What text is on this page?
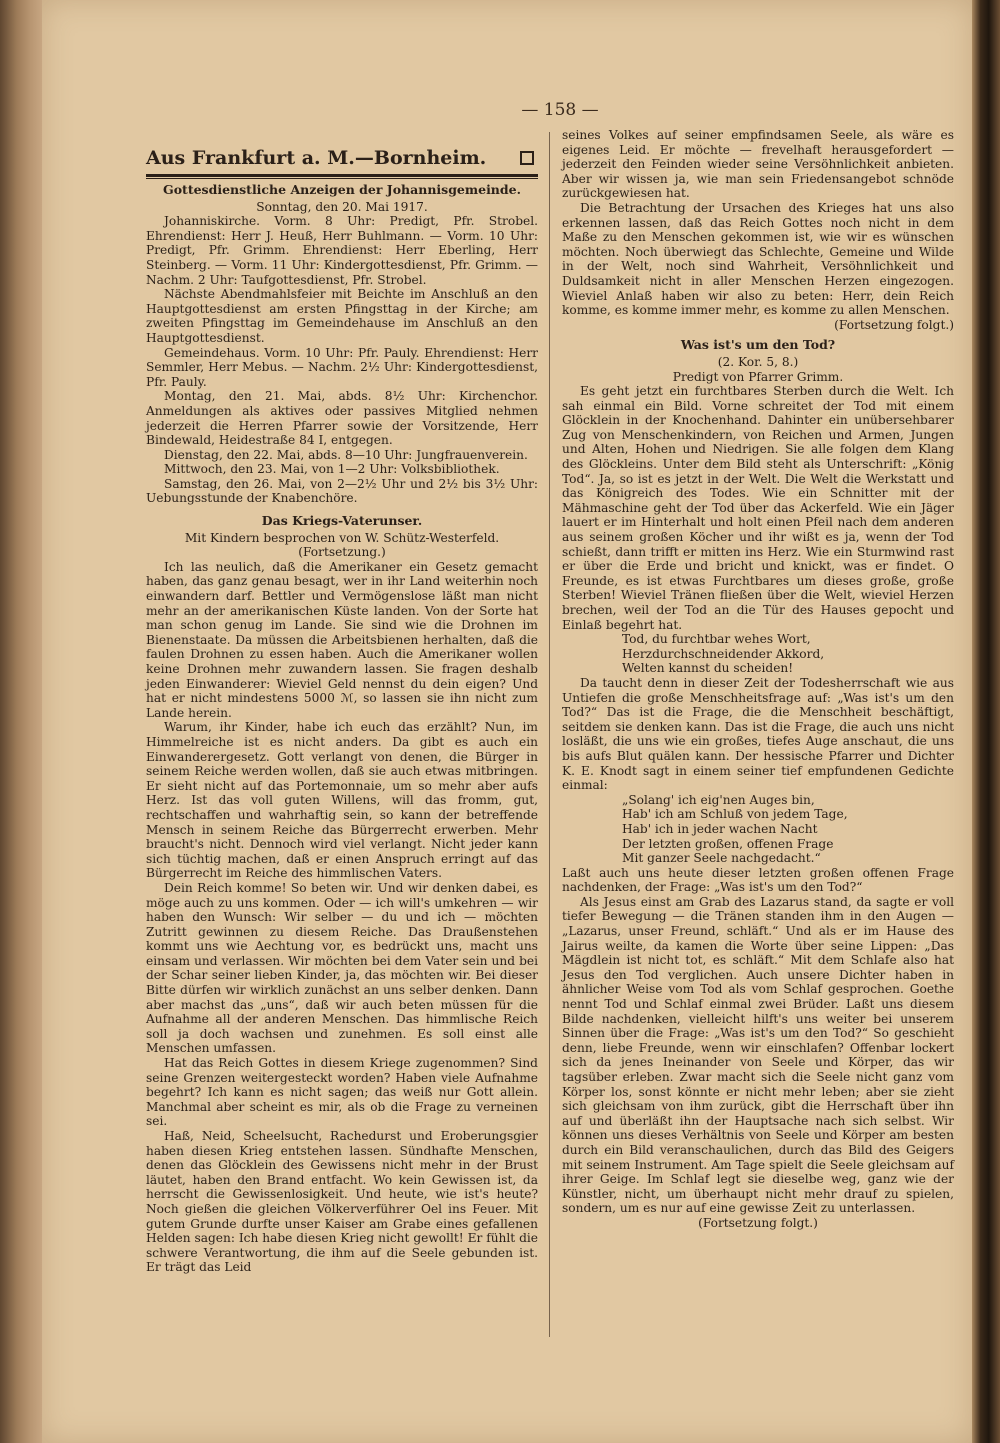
— 158 —
Aus Frankfurt a. M.—Bornheim.
Gottesdienstliche Anzeigen der Johannisgemeinde.
Sonntag, den 20. Mai 1917.

Johanniskirche. Vorm. 8 Uhr: Predigt, Pfr. Strobel. Ehrendienst: Herr J. Heuß, Herr Buhlmann. — Vorm. 10 Uhr: Predigt, Pfr. Grimm. Ehrendienst: Herr Eberling, Herr Steinberg. — Vorm. 11 Uhr: Kindergottesdienst, Pfr. Grimm. — Nachm. 2 Uhr: Taufgottesdienst, Pfr. Strobel.

Nächste Abendmahlsfeier mit Beichte im Anschluß an den Hauptgottesdienst am ersten Pfingsttag in der Kirche; am zweiten Pfingsttag im Gemeindehause im Anschluß an den Hauptgottesdienst.

Gemeindehaus. Vorm. 10 Uhr: Pfr. Pauly. Ehrendienst: Herr Semmler, Herr Mebus. — Nachm. 2½ Uhr: Kindergottesdienst, Pfr. Pauly.

Montag, den 21. Mai, abds. 8½ Uhr: Kirchenchor. Anmeldungen als aktives oder passives Mitglied nehmen jederzeit die Herren Pfarrer sowie der Vorsitzende, Herr Bindewald, Heidestraße 84 I, entgegen.

Dienstag, den 22. Mai, abds. 8—10 Uhr: Jungfrauenverein.

Mittwoch, den 23. Mai, von 1—2 Uhr: Volksbibliothek.

Samstag, den 26. Mai, von 2—2½ Uhr und 2½ bis 3½ Uhr: Uebungsstunde der Knabenchöre.

Das Kriegs-Vaterunser.
Mit Kindern besprochen von W. Schütz-Westerfeld.
(Fortsetzung.)

Ich las neulich, daß die Amerikaner ein Gesetz gemacht haben, das ganz genau besagt, wer in ihr Land weiterhin noch einwandern darf. Bettler und Vermögenslose läßt man nicht mehr an der amerikanischen Küste landen. Von der Sorte hat man schon genug im Lande. Sie sind wie die Drohnen im Bienenstaate. Da müssen die Arbeitsbienen herhalten, daß die faulen Drohnen zu essen haben. Auch die Amerikaner wollen keine Drohnen mehr zuwandern lassen. Sie fragen deshalb jeden Einwanderer: Wieviel Geld nennst du dein eigen? Und hat er nicht mindestens 5000 ℳ, so lassen sie ihn nicht zum Lande herein.

Warum, ihr Kinder, habe ich euch das erzählt? Nun, im Himmelreiche ist es nicht anders. Da gibt es auch ein Einwanderergesetz. Gott verlangt von denen, die Bürger in seinem Reiche werden wollen, daß sie auch etwas mitbringen. Er sieht nicht auf das Portemonnaie, um so mehr aber aufs Herz. Ist das voll guten Willens, will das fromm, gut, rechtschaffen und wahrhaftig sein, so kann der betreffende Mensch in seinem Reiche das Bürgerrecht erwerben. Mehr braucht's nicht. Dennoch wird viel verlangt. Nicht jeder kann sich tüchtig machen, daß er einen Anspruch erringt auf das Bürgerrecht im Reiche des himmlischen Vaters.

Dein Reich komme! So beten wir. Und wir denken dabei, es möge auch zu uns kommen. Oder — ich will's umkehren — wir haben den Wunsch: Wir selber — du und ich — möchten Zutritt gewinnen zu diesem Reiche. Das Draußenstehen kommt uns wie Aechtung vor, es bedrückt uns, macht uns einsam und verlassen. Wir möchten bei dem Vater sein und bei der Schar seiner lieben Kinder, ja, das möchten wir. Bei dieser Bitte dürfen wir wirklich zunächst an uns selber denken. Dann aber machst das „uns“, daß wir auch beten müssen für die Aufnahme all der anderen Menschen. Das himmlische Reich soll ja doch wachsen und zunehmen. Es soll einst alle Menschen umfassen.

Hat das Reich Gottes in diesem Kriege zugenommen? Sind seine Grenzen weitergesteckt worden? Haben viele Aufnahme begehrt? Ich kann es nicht sagen; das weiß nur Gott allein. Manchmal aber scheint es mir, als ob die Frage zu verneinen sei.

Haß, Neid, Scheelsucht, Rachedurst und Eroberungsgier haben diesen Krieg entstehen lassen. Sündhafte Menschen, denen das Glöcklein des Gewissens nicht mehr in der Brust läutet, haben den Brand entfacht. Wo kein Gewissen ist, da herrscht die Gewissenlosigkeit. Und heute, wie ist's heute? Noch gießen die gleichen Völkerverführer Oel ins Feuer. Mit gutem Grunde durfte unser Kaiser am Grabe eines gefallenen Helden sagen: Ich habe diesen Krieg nicht gewollt! Er fühlt die schwere Verantwortung, die ihm auf die Seele gebunden ist. Er trägt das Leid

seines Volkes auf seiner empfindsamen Seele, als wäre es eigenes Leid. Er möchte — frevelhaft herausgefordert — jederzeit den Feinden wieder seine Versöhnlichkeit anbieten. Aber wir wissen ja, wie man sein Friedensangebot schnöde zurückgewiesen hat.

Die Betrachtung der Ursachen des Krieges hat uns also erkennen lassen, daß das Reich Gottes noch nicht in dem Maße zu den Menschen gekommen ist, wie wir es wünschen möchten. Noch überwiegt das Schlechte, Gemeine und Wilde in der Welt, noch sind Wahrheit, Versöhnlichkeit und Duldsamkeit nicht in aller Menschen Herzen eingezogen. Wieviel Anlaß haben wir also zu beten: Herr, dein Reich komme, es komme immer mehr, es komme zu allen Menschen.

(Fortsetzung folgt.)
Was ist's um den Tod?
(2. Kor. 5, 8.)
Predigt von Pfarrer Grimm.

Es geht jetzt ein furchtbares Sterben durch die Welt. Ich sah einmal ein Bild. Vorne schreitet der Tod mit einem Glöcklein in der Knochenhand. Dahinter ein unübersehbarer Zug von Menschenkindern, von Reichen und Armen, Jungen und Alten, Hohen und Niedrigen. Sie alle folgen dem Klang des Glöckleins. Unter dem Bild steht als Unterschrift: „König Tod“. Ja, so ist es jetzt in der Welt. Die Welt die Werkstatt und das Königreich des Todes. Wie ein Schnitter mit der Mähmaschine geht der Tod über das Ackerfeld. Wie ein Jäger lauert er im Hinterhalt und holt einen Pfeil nach dem anderen aus seinem großen Köcher und ihr wißt es ja, wenn der Tod schießt, dann trifft er mitten ins Herz. Wie ein Sturmwind rast er über die Erde und bricht und knickt, was er findet. O Freunde, es ist etwas Furchtbares um dieses große, große Sterben! Wieviel Tränen fließen über die Welt, wieviel Herzen brechen, weil der Tod an die Tür des Hauses gepocht und Einlaß begehrt hat.

Tod, du furchtbar wehes Wort,
Herzdurchschneidender Akkord,
Welten kannst du scheiden!

Da taucht denn in dieser Zeit der Todesherrschaft wie aus Untiefen die große Menschheitsfrage auf: „Was ist's um den Tod?“ Das ist die Frage, die die Menschheit beschäftigt, seitdem sie denken kann. Das ist die Frage, die auch uns nicht losläßt, die uns wie ein großes, tiefes Auge anschaut, die uns bis aufs Blut quälen kann. Der hessische Pfarrer und Dichter K. E. Knodt sagt in einem seiner tief empfundenen Gedichte einmal:

„Solang' ich eig'nen Auges bin,
Hab' ich am Schluß von jedem Tage,
Hab' ich in jeder wachen Nacht
Der letzten großen, offenen Frage
Mit ganzer Seele nachgedacht.“

Laßt auch uns heute dieser letzten großen offenen Frage nachdenken, der Frage: „Was ist's um den Tod?“

Als Jesus einst am Grab des Lazarus stand, da sagte er voll tiefer Bewegung — die Tränen standen ihm in den Augen — „Lazarus, unser Freund, schläft.“ Und als er im Hause des Jairus weilte, da kamen die Worte über seine Lippen: „Das Mägdlein ist nicht tot, es schläft.“ Mit dem Schlafe also hat Jesus den Tod verglichen. Auch unsere Dichter haben in ähnlicher Weise vom Tod als vom Schlaf gesprochen. Goethe nennt Tod und Schlaf einmal zwei Brüder. Laßt uns diesem Bilde nachdenken, vielleicht hilft's uns weiter bei unserem Sinnen über die Frage: „Was ist's um den Tod?“ So geschieht denn, liebe Freunde, wenn wir einschlafen? Offenbar lockert sich da jenes Ineinander von Seele und Körper, das wir tagsüber erleben. Zwar macht sich die Seele nicht ganz vom Körper los, sonst könnte er nicht mehr leben; aber sie zieht sich gleichsam von ihm zurück, gibt die Herrschaft über ihn auf und überläßt ihn der Hauptsache nach sich selbst. Wir können uns dieses Verhältnis von Seele und Körper am besten durch ein Bild veranschaulichen, durch das Bild des Geigers mit seinem Instrument. Am Tage spielt die Seele gleichsam auf ihrer Geige. Im Schlaf legt sie dieselbe weg, ganz wie der Künstler, nicht, um überhaupt nicht mehr drauf zu spielen, sondern, um es nur auf eine gewisse Zeit zu unterlassen.

(Fortsetzung folgt.)
